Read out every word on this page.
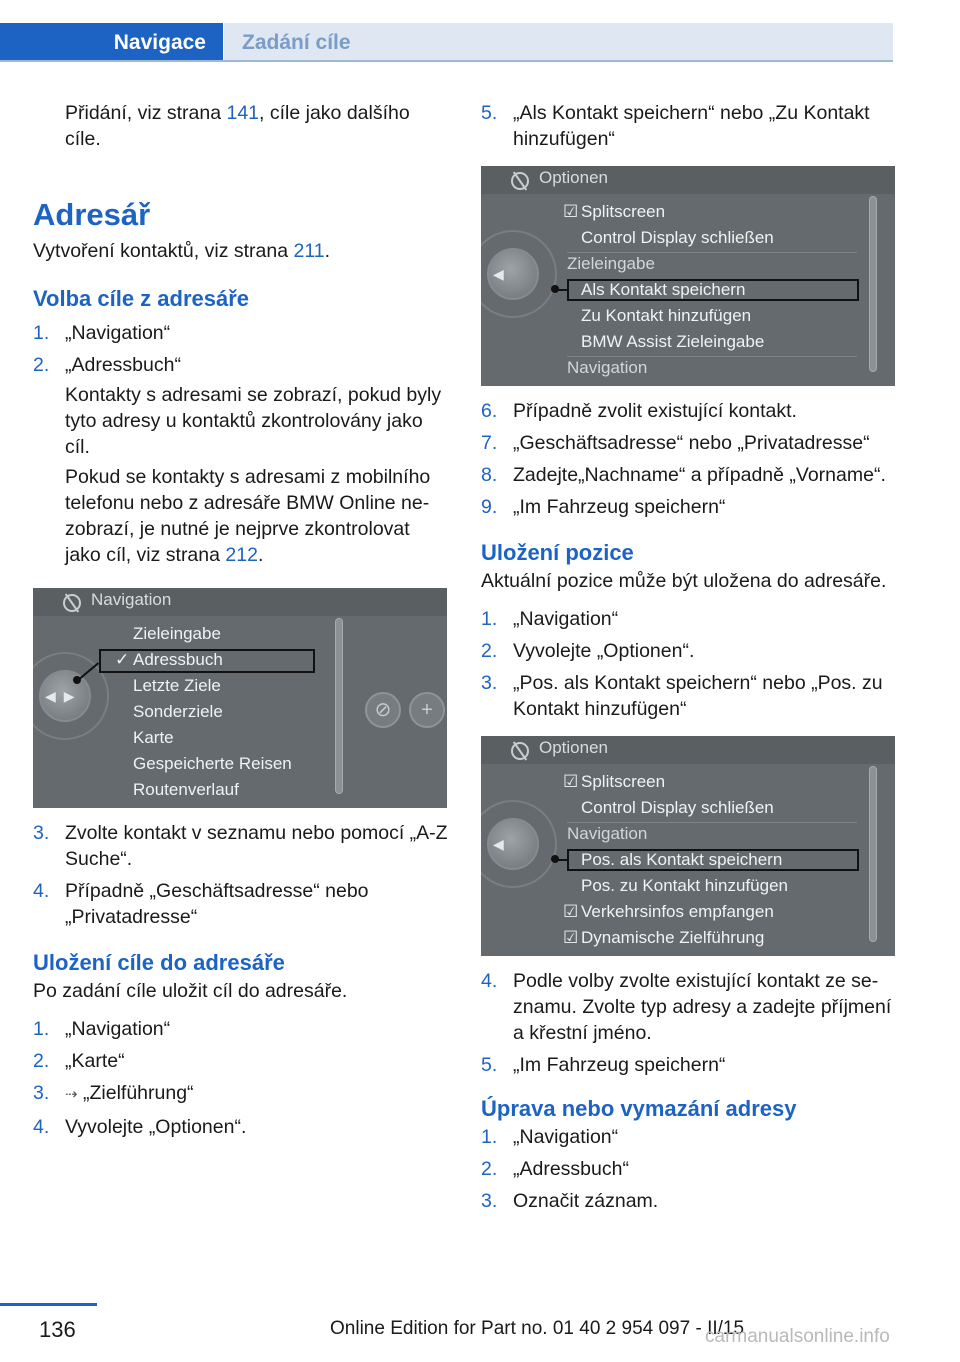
Navigace	Zadání cíle

Přidání, viz strana 141, cíle jako dalšího cíle.

Adresář

Vytvoření kontaktů, viz strana 211.

Volba cíle z adresáře
1. „Navigation“
2. „Adressbuch“

Kontakty s adresami se zobrazí, pokud byly tyto adresy u kontaktů zkontrolovány jako cíl.

Pokud se kontakty s adresami z mobilního telefonu nebo z adresáře BMW Online nezobrazí, je nutné je nejprve zkontrolovat jako cíl, viz strana 212.

Navigation
◀▶
Zieleingabe
✓ Adressbuch
Letzte Ziele
Sonderziele
Karte
Gespeicherte Reisen
Routenverlauf
⊘	+
3. Zvolte kontakt v seznamu nebo pomocí „A-Z Suche“.
4. Případně „Geschäftsadresse“ nebo „Privatadresse“
Uložení cíle do adresáře

Po zadání cíle uložit cíl do adresáře.

1. „Navigation“
2. „Karte“
3. ⇢ „Zielführung“
4. Vyvolejte „Optionen“.
5. „Als Kontakt speichern“ nebo „Zu Kontakt hinzufügen“
Optionen
◀
☑ Splitscreen
Control Display schließen
Zieleingabe
Als Kontakt speichern
Zu Kontakt hinzufügen
BMW Assist Zieleingabe
Navigation
6. Případně zvolit existující kontakt.
7. „Geschäftsadresse“ nebo „Privatadresse“
8. Zadejte„Nachname“ a případně „Vorname“.
9. „Im Fahrzeug speichern“
Uložení pozice

Aktuální pozice může být uložena do adresáře.

1. „Navigation“
2. Vyvolejte „Optionen“.
3. „Pos. als Kontakt speichern“ nebo „Pos. zu Kontakt hinzufügen“
Optionen
◀
☑ Splitscreen
Control Display schließen
Navigation
Pos. als Kontakt speichern
Pos. zu Kontakt hinzufügen
☑ Verkehrsinfos empfangen
☑ Dynamische Zielführung
4. Podle volby zvolte existující kontakt ze seznamu. Zvolte typ adresy a zadejte příjmení a křestní jméno.
5. „Im Fahrzeug speichern“
Úprava nebo vymazání adresy
1. „Navigation“
2. „Adressbuch“
3. Označit záznam.
136	Online Edition for Part no. 01 40 2 954 097 - II/15
carmanualsonline.info
